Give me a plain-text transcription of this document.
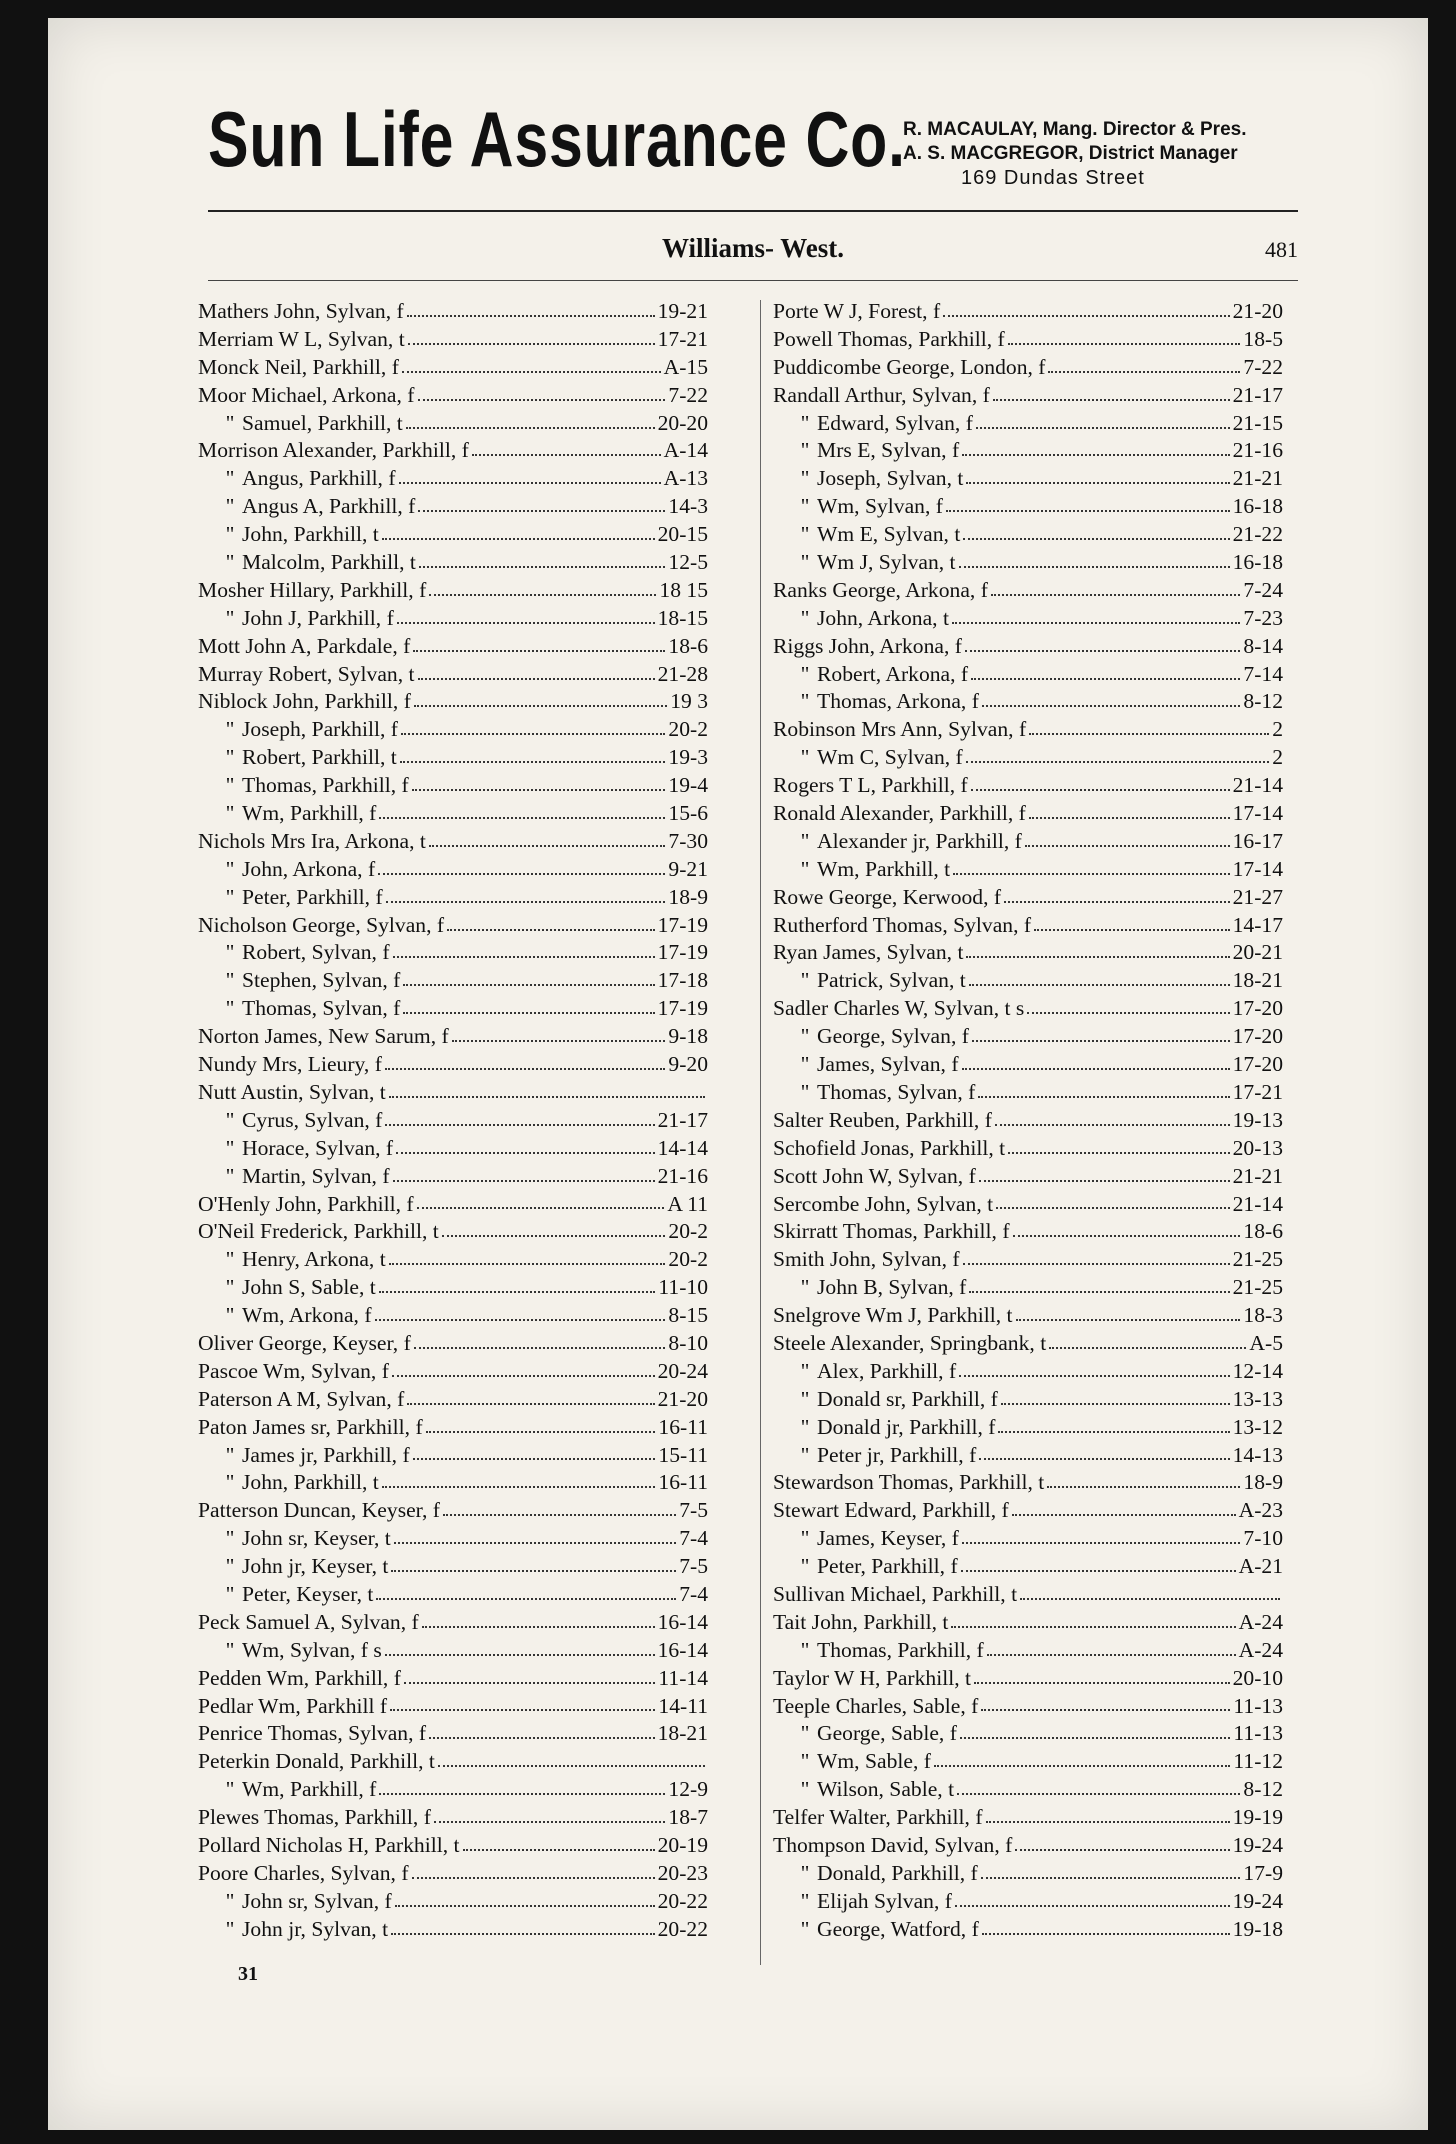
Sun Life Assurance Co.
R. MACAULAY, Mang. Director & Pres.
A. S. MACGREGOR, District Manager
169 Dundas Street
Williams- West.	481
Mathers John, Sylvan, f	19-21
Merriam W L, Sylvan, t	17-21
Monck Neil, Parkhill, f	A-15
Moor Michael, Arkona, f	7-22
" Samuel, Parkhill, t	20-20
Morrison Alexander, Parkhill, f	A-14
" Angus, Parkhill, f	A-13
" Angus A, Parkhill, f	14-3
" John, Parkhill, t	20-15
" Malcolm, Parkhill, t	12-5
Mosher Hillary, Parkhill, f	18 15
" John J, Parkhill, f	18-15
Mott John A, Parkdale, f	18-6
Murray Robert, Sylvan, t	21-28
Niblock John, Parkhill, f	19 3
" Joseph, Parkhill, f	20-2
" Robert, Parkhill, t	19-3
" Thomas, Parkhill, f	19-4
" Wm, Parkhill, f	15-6
Nichols Mrs Ira, Arkona, t	7-30
" John, Arkona, f	9-21
" Peter, Parkhill, f	18-9
Nicholson George, Sylvan, f	17-19
" Robert, Sylvan, f	17-19
" Stephen, Sylvan, f	17-18
" Thomas, Sylvan, f	17-19
Norton James, New Sarum, f	9-18
Nundy Mrs, Lieury, f	9-20
Nutt Austin, Sylvan, t
" Cyrus, Sylvan, f	21-17
" Horace, Sylvan, f	14-14
" Martin, Sylvan, f	21-16
O'Henly John, Parkhill, f	A 11
O'Neil Frederick, Parkhill, t	20-2
" Henry, Arkona, t	20-2
" John S, Sable, t	11-10
" Wm, Arkona, f	8-15
Oliver George, Keyser, f	8-10
Pascoe Wm, Sylvan, f	20-24
Paterson A M, Sylvan, f	21-20
Paton James sr, Parkhill, f	16-11
" James jr, Parkhill, f	15-11
" John, Parkhill, t	16-11
Patterson Duncan, Keyser, f	7-5
" John sr, Keyser, t	7-4
" John jr, Keyser, t	7-5
" Peter, Keyser, t	7-4
Peck Samuel A, Sylvan, f	16-14
" Wm, Sylvan, f s	16-14
Pedden Wm, Parkhill, f	11-14
Pedlar Wm, Parkhill f	14-11
Penrice Thomas, Sylvan, f	18-21
Peterkin Donald, Parkhill, t
" Wm, Parkhill, f	12-9
Plewes Thomas, Parkhill, f	18-7
Pollard Nicholas H, Parkhill, t	20-19
Poore Charles, Sylvan, f	20-23
" John sr, Sylvan, f	20-22
" John jr, Sylvan, t	20-22
Porte W J, Forest, f	21-20
Powell Thomas, Parkhill, f	18-5
Puddicombe George, London, f	7-22
Randall Arthur, Sylvan, f	21-17
" Edward, Sylvan, f	21-15
" Mrs E, Sylvan, f	21-16
" Joseph, Sylvan, t	21-21
" Wm, Sylvan, f	16-18
" Wm E, Sylvan, t	21-22
" Wm J, Sylvan, t	16-18
Ranks George, Arkona, f	7-24
" John, Arkona, t	7-23
Riggs John, Arkona, f	8-14
" Robert, Arkona, f	7-14
" Thomas, Arkona, f	8-12
Robinson Mrs Ann, Sylvan, f	2
" Wm C, Sylvan, f	2
Rogers T L, Parkhill, f	21-14
Ronald Alexander, Parkhill, f	17-14
" Alexander jr, Parkhill, f	16-17
" Wm, Parkhill, t	17-14
Rowe George, Kerwood, f	21-27
Rutherford Thomas, Sylvan, f	14-17
Ryan James, Sylvan, t	20-21
" Patrick, Sylvan, t	18-21
Sadler Charles W, Sylvan, t s	17-20
" George, Sylvan, f	17-20
" James, Sylvan, f	17-20
" Thomas, Sylvan, f	17-21
Salter Reuben, Parkhill, f	19-13
Schofield Jonas, Parkhill, t	20-13
Scott John W, Sylvan, f	21-21
Sercombe John, Sylvan, t	21-14
Skirratt Thomas, Parkhill, f	18-6
Smith John, Sylvan, f	21-25
" John B, Sylvan, f	21-25
Snelgrove Wm J, Parkhill, t	18-3
Steele Alexander, Springbank, t	A-5
" Alex, Parkhill, f	12-14
" Donald sr, Parkhill, f	13-13
" Donald jr, Parkhill, f	13-12
" Peter jr, Parkhill, f	14-13
Stewardson Thomas, Parkhill, t	18-9
Stewart Edward, Parkhill, f	A-23
" James, Keyser, f	7-10
" Peter, Parkhill, f	A-21
Sullivan Michael, Parkhill, t
Tait John, Parkhill, t	A-24
" Thomas, Parkhill, f	A-24
Taylor W H, Parkhill, t	20-10
Teeple Charles, Sable, f	11-13
" George, Sable, f	11-13
" Wm, Sable, f	11-12
" Wilson, Sable, t	8-12
Telfer Walter, Parkhill, f	19-19
Thompson David, Sylvan, f	19-24
" Donald, Parkhill, f	17-9
" Elijah Sylvan, f	19-24
" George, Watford, f	19-18
31
